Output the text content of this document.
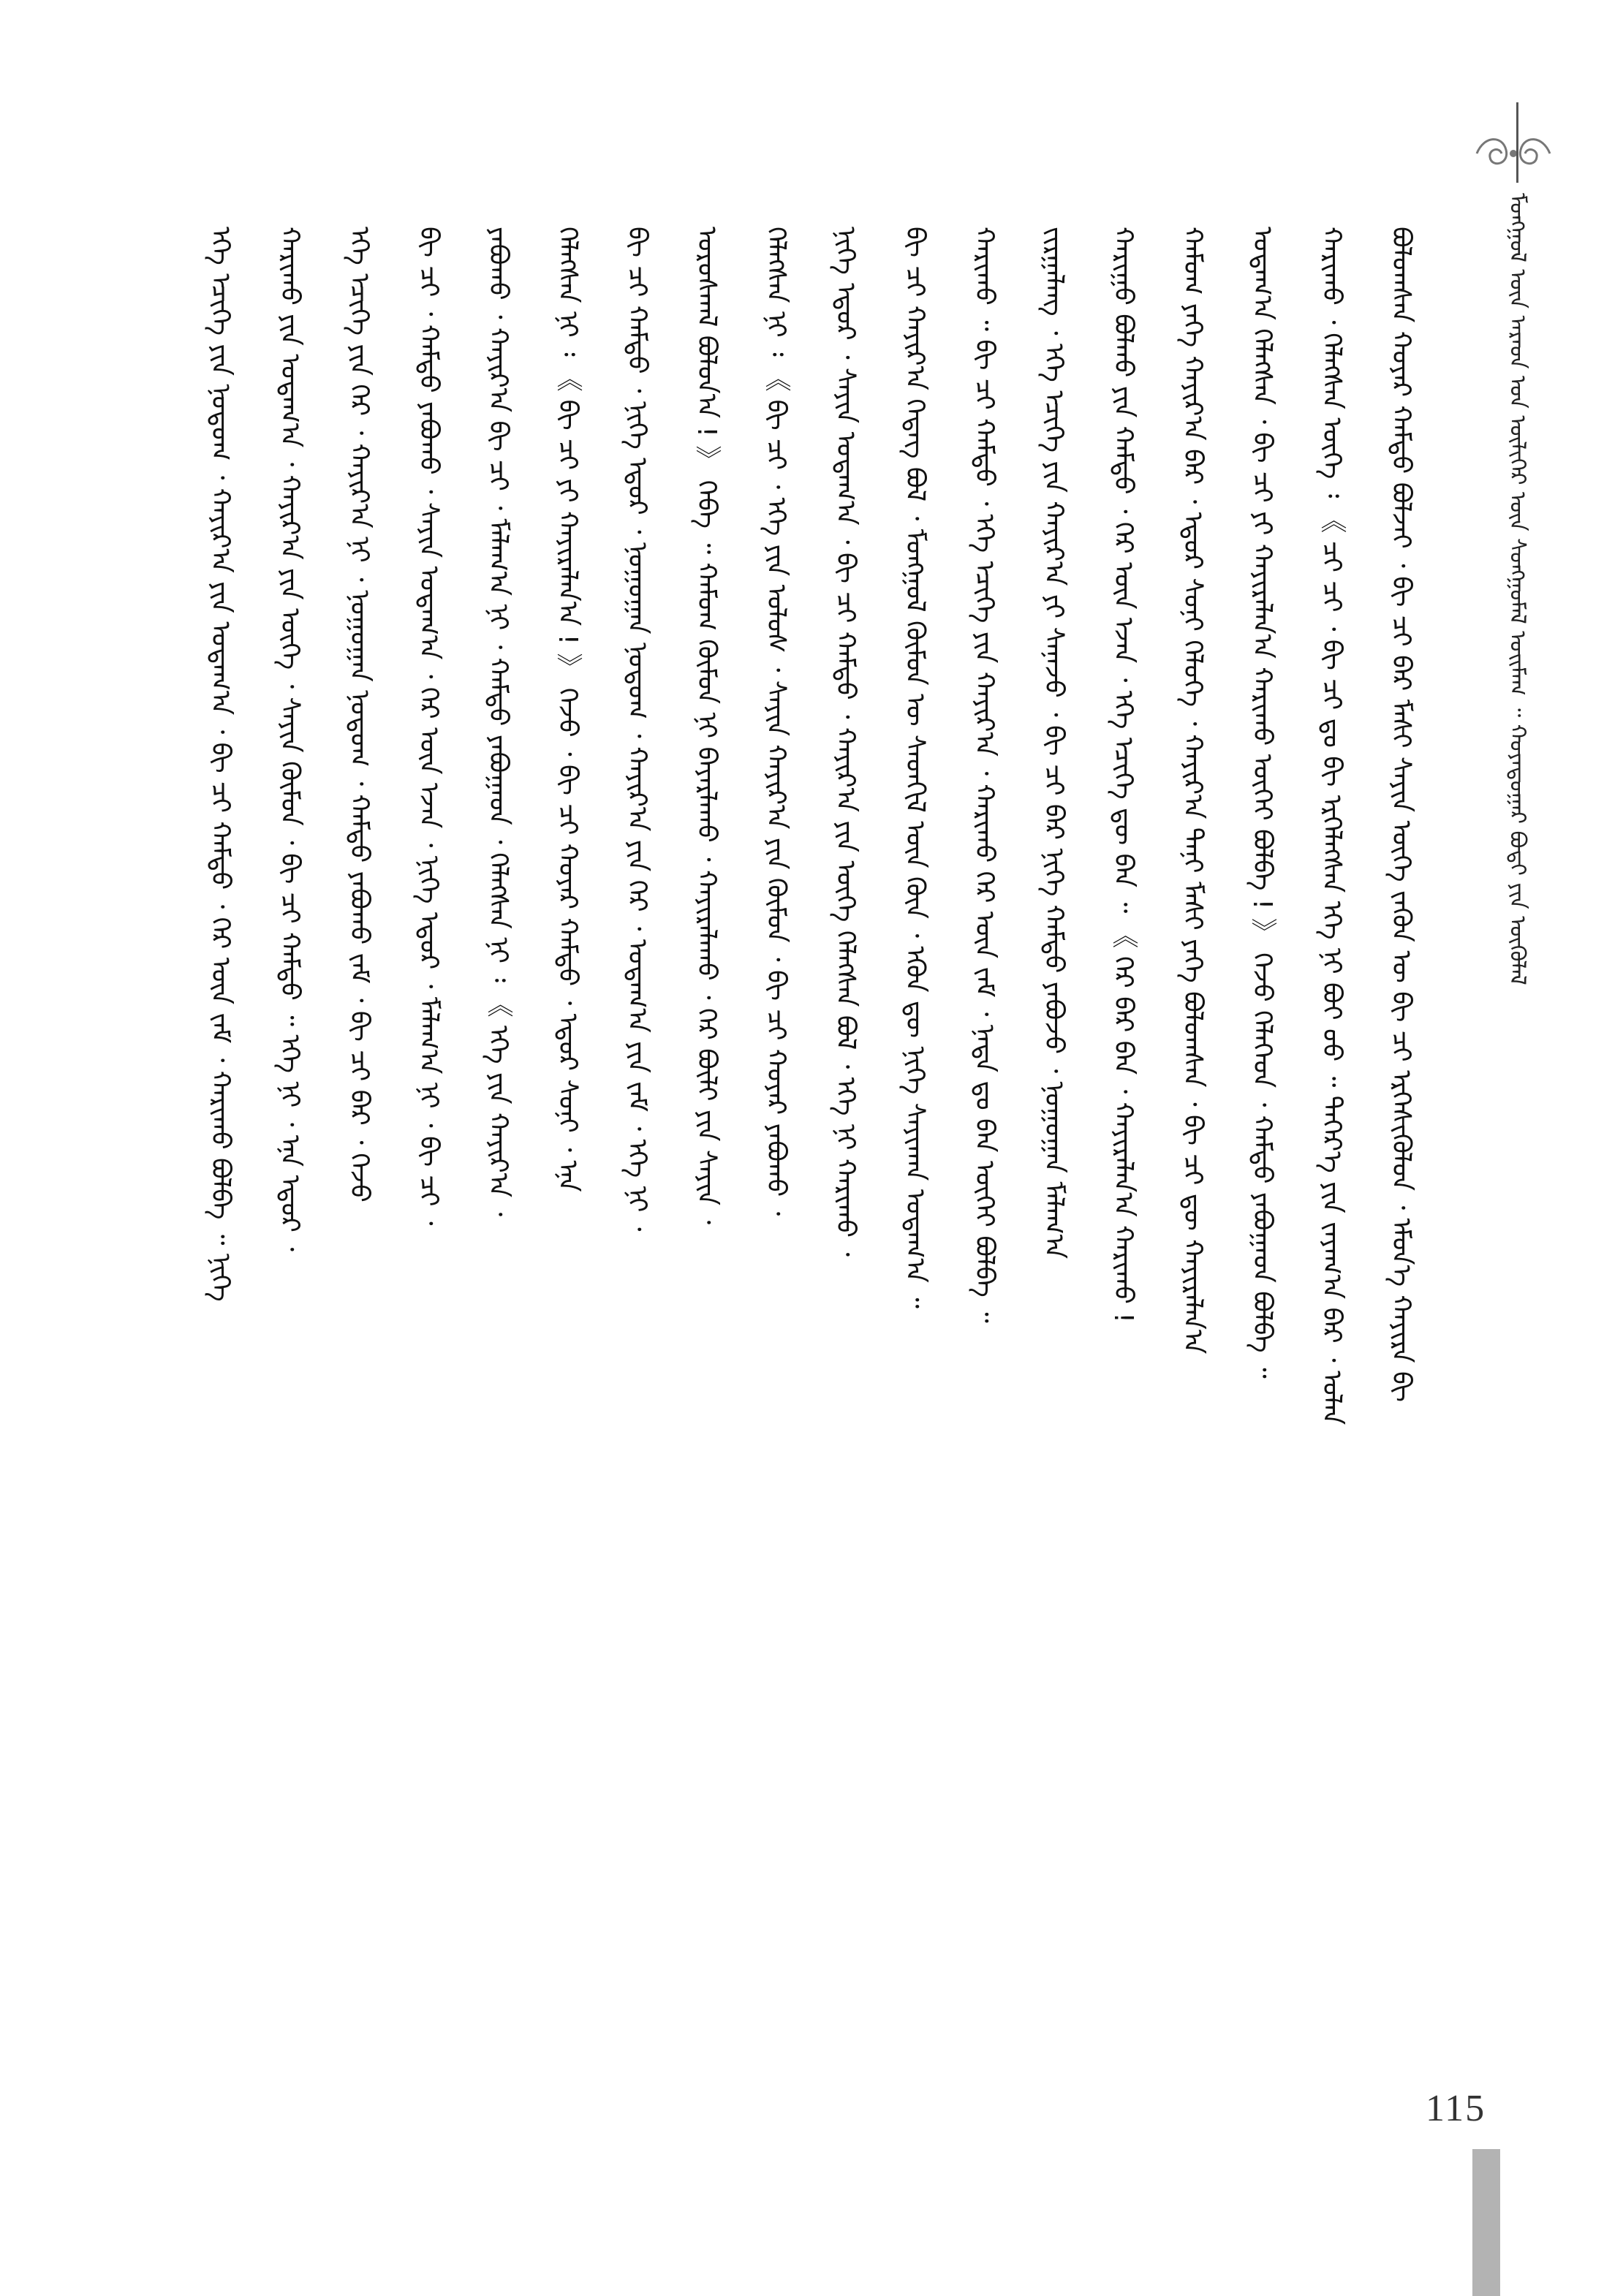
ᠮᠣᠩᠭᠣᠯ ᠦᠨ ᠠᠷᠠᠳ ᠤᠨ ᠦᠯᠢᠭᠡᠷ ᠦᠨ ᠰᠣᠩᠭᠣᠮᠠᠯ ᠣᠢᠮᠠᠭ ᠃ ᠬᠣᠶᠠᠳᠤᠭᠠᠷ ᠪᠣᠳᠢ ᠶᠢᠨ ᠥᠭᠦᠯᠡᠯ
ᠪᠣᠯᠤᠭᠰᠠᠨ ᠬᠣᠶᠠᠷ ᠬᠠᠮᠲᠤ ᠪᠣᠯᠵᠠᠢ ᠂ ᠪᠢ ᠴᠢ ᠪᠡᠷ ᠮᠠᠰᠢ ᠰᠠᠶᠢᠨ ᠦᠭᠡ ᠵᠡᠭᠦᠨ ᠦ ᠪᠢ ᠴᠢ ᠡᠷᠬᠡᠰᠢᠭᠦᠯᠦᠨ ᠂ ᠡᠮᠦᠨ᠎ᠡ ᠬᠠᠶᠢᠷᠠ ᠪᠢ
ᠬᠠᠷᠢᠬᠤ ᠂ ᠬᠡᠯᠡᠭᠰᠡᠨ ᠦᠭᠡ ᠄ 《 ᠴᠢ ᠴᠢ ᠂ ᠪᠢ ᠴᠢ ᠳᠤ ᠪᠢ ᠡᠷᠬᠡᠯᠡᠭᠰᠡᠨ ᠡᠬᠡ ᠨᠢ ᠪᠣᠢ ᠤᠤ ᠃ ᠳᠡᠭᠡᠷ᠎ᠡ ᠶᠢᠨ ᠵᠠᠶᠠᠭ᠎ᠠ ᠪᠠᠷ ᠂ ᠣᠯᠠᠨ
ᠤᠳᠠᠭ᠎ᠠ ᠬᠡᠯᠡᠭᠰᠡᠨ ᠂ ᠪᠢ ᠴᠢ ᠶᠢ ᠬᠠᠶᠢᠷᠠᠯᠠᠨ᠎ᠠ ᠬᠠᠷᠢᠬᠤ ᠦᠭᠡᠢ ᠪᠣᠯᠪᠠ ! 》 ᠭᠡᠵᠦ ᠬᠡᠯᠡᠭᠡᠳ ᠂ ᠬᠠᠮᠲᠤ ᠶᠠᠪᠤᠭᠠᠳ ᠪᠣᠯᠪᠠ ᠃
ᠬᠠᠮᠤᠭ ᠶᠡᠬᠡ ᠬᠠᠶᠢᠷ᠎ᠠ ᠪᠠᠷ ᠂ ᠡᠳᠦᠷ ᠰᠣᠨᠢ ᠭᠡᠯᠦᠭᠡ ᠂ ᠬᠠᠶᠢᠷ᠎ᠠ ᠲᠠᠨᠢ ᠮᠠᠰᠢ ᠶᠡᠬᠡ ᠪᠣᠯᠤᠭᠰᠠᠨ ᠂ ᠪᠢ ᠴᠢ ᠳᠦ ᠬᠠᠶᠢᠷᠠᠯᠠᠨ᠎ᠠ
ᠬᠠᠷᠢᠭᠤ ᠪᠣᠯᠬᠤ ᠶᠢᠨ ᠬᠠᠮᠲᠤ ᠂ ᠭᠡᠷ ᠦᠨ ᠡᠵᠡᠨ ᠂ ᠡᠬᠡ ᠡᠴᠢᠭᠡ ᠳᠦ ᠪᠠᠨ ᠃ 《 ᠭᠡᠷ ᠪᠠᠷ ᠪᠠᠨ ᠂ ᠬᠠᠶᠢᠷᠠᠯᠠᠨ᠎ᠠ ᠬᠠᠷᠢᠬᠤ !
ᠵᠢᠷᠭᠠᠯᠠᠩ ᠂ ᠡᠬᠡ ᠡᠴᠢᠭᠡ ᠶᠢᠨ ᠬᠠᠶᠢᠷ᠎ᠠ ᠶᠢ ᠰᠠᠨᠠᠵᠤ ᠂ ᠪᠢ ᠴᠢ ᠪᠡᠷ ᠨᠢᠭᠡ ᠬᠠᠮᠲᠤ ᠶᠠᠪᠤᠵᠤ ᠂ ᠨᠣᠭᠤᠭᠠᠨ ᠮᠠᠯᠠᠭ᠎ᠠ
ᠬᠠᠷᠢᠬᠤ ᠃ ᠪᠢ ᠴᠢ ᠬᠠᠮᠲᠤ ᠂ ᠡᠬᠡ ᠡᠴᠢᠭᠡ ᠶᠢᠨ ᠬᠠᠶᠢᠷ᠎ᠠ ᠂ ᠬᠠᠷᠢᠬᠤ ᠭᠡᠷ ᠦᠨ ᠵᠠᠮ ᠂ ᠨᠠᠳᠠ ᠳᠤ ᠪᠡᠨ ᠦᠭᠡᠢ ᠪᠣᠯᠪᠠ ᠃
ᠪᠢ ᠴᠢ ᠬᠠᠶᠢᠷ᠎ᠠ ᠭᠡᠳᠡᠭ ᠪᠣᠯ ᠂ ᠮᠣᠩᠭᠣᠯ ᠬᠦᠮᠦᠨ ᠦ ᠰᠡᠳᠬᠢᠯ ᠦᠨ ᠭᠦᠨ ᠂ ᠡᠭᠦᠨ ᠳᠦ ᠨᠢᠭᠡ ᠰᠠᠶᠢᠬᠠᠨ ᠤᠳᠠᠭ᠎ᠠ ᠃
ᠨᠢᠭᠡ ᠡᠳᠦᠷ ᠂ ᠰᠠᠶᠢᠨ ᠤᠳᠠᠭ᠎ᠠ ᠂ ᠪᠢ ᠴᠢ ᠬᠠᠮᠲᠤ ᠂ ᠬᠠᠶᠢᠷ᠎ᠠ ᠶᠢᠨ ᠦᠭᠡ ᠬᠡᠯᠡᠭᠰᠡᠨ ᠪᠣᠯ ᠂ ᠡᠬᠡ ᠨᠢ ᠬᠠᠷᠢᠬᠤ ᠂
ᠬᠡᠯᠡᠭᠰᠡᠨ ᠨᠢ ᠄ 《 ᠪᠢ ᠴᠢ ᠂ ᠡᠬᠡ ᠶᠢᠨ ᠤᠯᠤᠰ ᠂ ᠰᠠᠶᠢᠨ ᠬᠠᠶᠢᠷ᠎ᠠ ᠶᠢᠨ ᠬᠦᠮᠦᠨ ᠂ ᠪᠢ ᠴᠢ ᠬᠣᠶᠠᠷ ᠶᠠᠪᠤᠬᠤ ᠂
ᠤᠷᠤᠰᠬᠠᠯ ᠪᠣᠯᠤᠨ᠎ᠠ ! 》 ᠭᠡᠪᠡ ᠃ ᠬᠠᠮᠤᠭ ᠬᠦᠮᠦᠨ ᠨᠢ ᠪᠠᠶᠠᠷᠯᠠᠬᠤ ᠂ ᠬᠠᠶᠢᠷᠠᠯᠠᠬᠤ ᠂ ᠭᠡᠷ ᠪᠦᠯᠢ ᠶᠢᠨ ᠰᠠᠶᠢᠨ ᠂
ᠪᠢ ᠴᠢ ᠬᠠᠮᠲᠤ ᠂ ᠨᠢᠭᠡ ᠡᠳᠦᠷ ᠂ ᠨᠣᠭᠤᠭᠠᠨ ᠨᠤᠲᠤᠭ ᠂ ᠬᠠᠶᠢᠷ᠎ᠠ ᠶᠢᠨ ᠭᠡᠷ ᠂ ᠤᠳᠠᠭ᠎ᠠ ᠶᠢᠨ ᠵᠠᠮ ᠂ ᠡᠬᠡ ᠨᠢ ᠂
ᠬᠡᠯᠡᠭᠰᠡᠨ ᠨᠢ ᠄ 《 ᠪᠢ ᠴᠢ ᠶᠢ ᠬᠠᠶᠢᠷᠠᠯᠠᠨ᠎ᠠ ! 》 ᠭᠡᠵᠦ ᠂ ᠪᠢ ᠴᠢ ᠬᠣᠶᠠᠷ ᠬᠠᠮᠲᠤ ᠂ ᠡᠳᠦᠷ ᠰᠣᠨᠢ ᠂ ᠡᠨᠡ
ᠶᠠᠪᠤᠬᠤ ᠂ ᠬᠠᠶᠢᠷ᠎ᠠ ᠪᠢ ᠴᠢ ᠂ ᠮᠠᠯᠠᠭ᠎ᠠ ᠨᠢ ᠂ ᠬᠠᠮᠲᠤ ᠶᠠᠪᠤᠭᠠᠳ ᠂ ᠬᠡᠯᠡᠭᠰᠡᠨ ᠨᠢ ᠄ 《 ᠡᠬᠡ ᠶᠢᠨ ᠬᠠᠶᠢᠷ᠎ᠠ ᠂
ᠪᠢ ᠴᠢ ᠂ ᠬᠠᠮᠲᠤ ᠶᠠᠪᠤᠬᠤ ᠂ ᠰᠠᠶᠢᠨ ᠤᠳᠠᠭ᠎ᠠ ᠂ ᠭᠡᠷ ᠦᠨ ᠡᠵᠡᠨ ᠂ ᠨᠢᠭᠡ ᠡᠳᠦᠷ ᠂ ᠮᠠᠯᠠᠭ᠎ᠠ ᠨᠢ ᠂ ᠪᠢ ᠴᠢ ᠂
ᠡᠬᠡ ᠡᠴᠢᠭᠡ ᠶᠢᠨ ᠭᠡᠷ ᠂ ᠬᠠᠶᠢᠷ᠎ᠠ ᠨᠢ ᠂ ᠨᠣᠭᠤᠭᠠᠨ ᠨᠤᠲᠤᠭ ᠂ ᠬᠠᠮᠲᠤ ᠶᠠᠪᠤᠬᠤ ᠵᠠᠮ ᠂ ᠪᠢ ᠴᠢ ᠪᠡᠷ ᠂ ᠭᠡᠵᠦ
ᠬᠠᠷᠢᠬᠤ ᠶᠢᠨ ᠤᠳᠠᠭ᠎ᠠ ᠂ ᠬᠠᠶᠢᠷ᠎ᠠ ᠶᠢᠨ ᠦᠭᠡ ᠂ ᠰᠠᠶᠢᠨ ᠬᠦᠮᠦᠨ ᠂ ᠪᠢ ᠴᠢ ᠬᠠᠮᠲᠤ ᠃ ᠡᠬᠡ ᠨᠢ ᠂ ᠡᠨᠡ ᠡᠳᠦᠷ ᠂
ᠡᠬᠡ ᠡᠴᠢᠭᠡ ᠶᠢᠨ ᠨᠤᠲᠤᠭ ᠂ ᠬᠠᠶᠢᠷ᠎ᠠ ᠶᠢᠨ ᠤᠳᠠᠭ᠎ᠠ ᠂ ᠪᠢ ᠴᠢ ᠬᠠᠮᠲᠤ ᠂ ᠭᠡᠷ ᠦᠨ ᠵᠠᠮ ᠂ ᠬᠠᠷᠢᠬᠤ ᠪᠣᠯᠪᠠ ᠃ ᠨᠢᠭᠡ
115
